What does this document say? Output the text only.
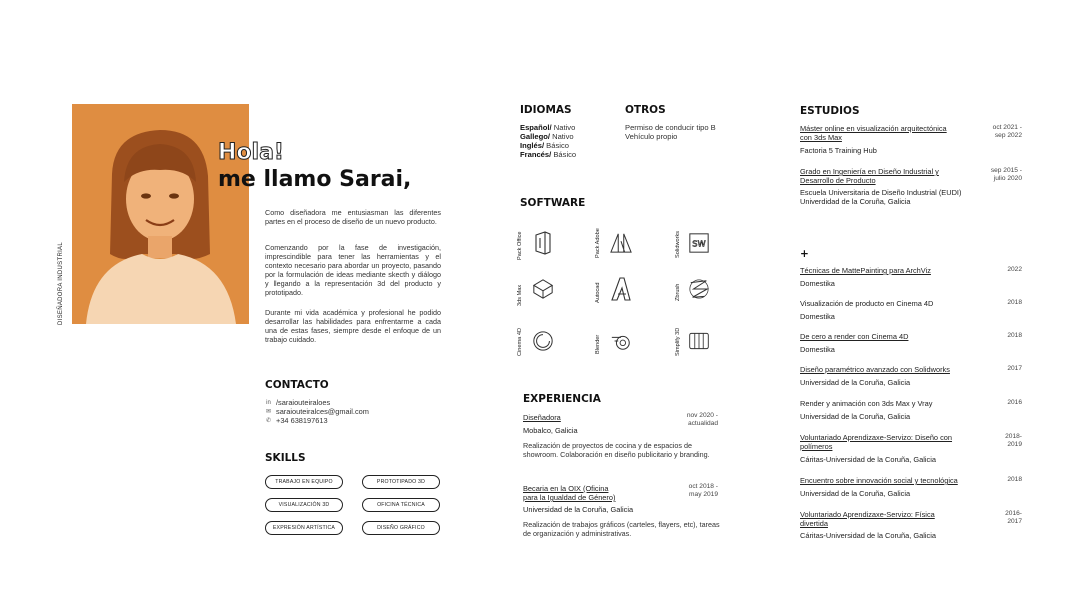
DISEÑADORA INDUSTRIAL
Hola!
me llamo Sarai,
Como diseñadora me entusiasman las diferentes partes en el proceso de diseño de un nuevo producto.
Comenzando por la fase de investigación, imprescindible para tener las herramientas y el contexto necesario para abordar un proyecto, pasando por la formulación de ideas mediante skecth y diálogo y llegando a la representación 3d del producto y prototipado.
Durante mi vida académica y profesional he podido desarrollar las habilidades para enfrentarme a cada una de estas fases, siempre desde el enfoque de un trabajo cuidado.
CONTACTO
in /saraiouteiraloes
✉ saraiouteiralces@gmail.com
✆ +34 638197613
SKILLS
TRABAJO EN EQUIPO	PROTOTIPADO 3D
VISUALIZACIÓN 3D	OFICINA TÉCNICA
EXPRESIÓN ARTÍSTICA	DISEÑO GRÁFICO
IDIOMAS
Español/ Nativo
Gallego/ Nativo
Inglés/ Básico
Francés/ Básico
OTROS
Permiso de conducir tipo B
Vehículo propio
SOFTWARE
Pack Office	Pack Adobe	Solidworks SW
3ds Max	Autocad	Zbrush
Cinema 4D	Blender	Simplify 3D
EXPERIENCIA
Diseñadora	nov 2020 -
actualidad
Mobalco, Galicia
Realización de proyectos de cocina y de espacios de showroom. Colaboración en diseño publicitario y branding.
Becaria en la OIX (Oficina
para la Igualdad de Género)
oct 2018 -
may 2019
Universidad de la Coruña, Galicia
Realización de trabajos gráficos (carteles, flayers, etc), tareas de organización y administrativas.
ESTUDIOS
Máster online en visualización arquitectónica
con 3ds Max
oct 2021 -
sep 2022
Factoria 5 Training Hub
Grado en Ingeniería en Diseño Industrial y
Desarrollo de Producto
sep 2015 -
julio 2020
Escuela Universitaria de Diseño Industrial (EUDI)
Univerdidad de la Coruña, Galicia
+
Técnicas de MattePainting para ArchViz	2022
Domestika
Visualización de producto en Cinema 4D	2018
Domestika
De cero a render con Cinema 4D	2018
Domestika
Diseño paramétrico avanzado con Solidworks	2017
Universidad de la Coruña, Galicia
Render y animación con 3ds Max y Vray	2016
Universidad de la Coruña, Galicia
Voluntariado Aprendizaxe-Servizo: Diseño con
polímeros
2018-
2019
Cáritas-Universidad de la Coruña, Galicia
Encuentro sobre innovación social y tecnológica	2018
Universidad de la Coruña, Galicia
Voluntariado Aprendizaxe-Servizo: Física
divertida
2016-
2017
Cáritas-Universidad de la Coruña, Galicia
